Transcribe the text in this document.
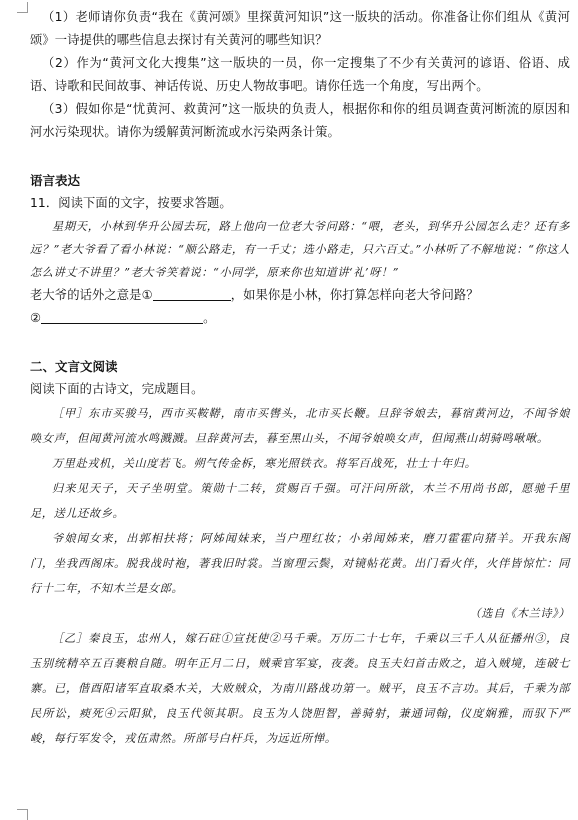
（1）老师请你负责“我在《黄河颂》里探黄河知识”这一版块的活动。你准备让你们组从《黄河颂》一诗提供的哪些信息去探讨有关黄河的哪些知识？

（2）作为“黄河文化大搜集”这一版块的一员，你一定搜集了不少有关黄河的谚语、俗语、成语、诗歌和民间故事、神话传说、历史人物故事吧。请你任选一个角度，写出两个。

（3）假如你是“忧黄河、救黄河”这一版块的负责人，根据你和你的组员调查黄河断流的原因和河水污染现状。请你为缓解黄河断流或水污染两条计策。

语言表达

11．阅读下面的文字，按要求答题。

星期天，小林到华升公园去玩，路上他向一位老大爷问路：“喂，老头，到华升公园怎么走？还有多远？”老大爷看了看小林说：“顺公路走，有一千丈；选小路走，只六百丈。”小林听了不解地说：“你这人怎么讲丈不讲里？”老大爷笑着说：“小同学，原来你也知道讲‘礼’呀！”

老大爷的话外之意是①	，如果你是小林，你打算怎样向老大爷问路？

②	。

二、文言文阅读

阅读下面的古诗文，完成题目。

［甲］东市买骏马，西市买鞍鞯，南市买辔头，北市买长鞭。旦辞爷娘去，暮宿黄河边，不闻爷娘唤女声，但闻黄河流水鸣溅溅。旦辞黄河去，暮至黑山头，不闻爷娘唤女声，但闻燕山胡骑鸣啾啾。

万里赴戎机，关山度若飞。朔气传金柝，寒光照铁衣。将军百战死，壮士十年归。

归来见天子，天子坐明堂。策勋十二转，赏赐百千强。可汗问所欲，木兰不用尚书郎，愿驰千里足，送儿还故乡。

爷娘闻女来，出郭相扶将；阿姊闻妹来，当户理红妆；小弟闻姊来，磨刀霍霍向猪羊。开我东阁门，坐我西阁床。脱我战时袍，著我旧时裳。当窗理云鬓，对镜帖花黄。出门看火伴，火伴皆惊忙：同行十二年，不知木兰是女郎。

（选自《木兰诗》）

［乙］秦良玉，忠州人，嫁石砫①宣抚使②马千乘。万历二十七年，千乘以三千人从征播州③，良玉别统精卒五百裹粮自随。明年正月二日，贼乘官军宴，夜袭。良玉夫妇首击败之，追入贼境，连破七寨。已，偕酉阳诸军直取桑木关，大败贼众，为南川路战功第一。贼平，良玉不言功。其后，千乘为部民所讼，瘐死④云阳狱，良玉代领其职。良玉为人饶胆智，善骑射，兼通词翰，仪度娴雅，而驭下严峻，每行军发令，戎伍肃然。所部号白杆兵，为远近所惮。
